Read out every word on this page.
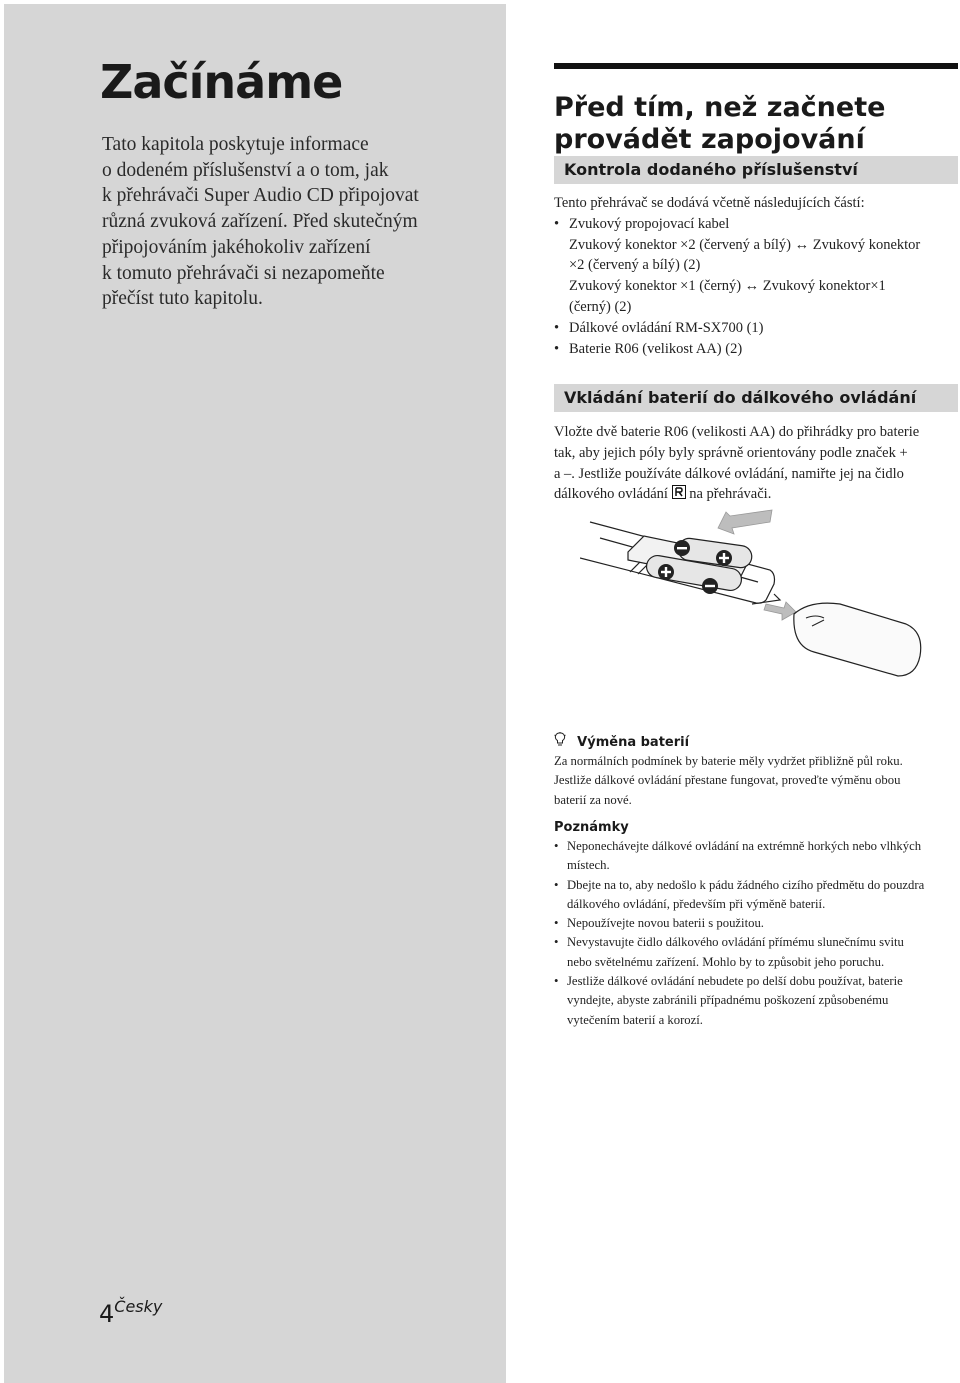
Začínáme
Tato kapitola poskytuje informace
o dodeném příslušenství a o tom, jak
k přehrávači Super Audio CD připojovat
různá zvuková zařízení. Před skutečným
připojováním jakéhokoliv zařízení
k tomuto přehrávači si nezapomeňte
přečíst tuto kapitolu.
4Česky
Před tím, než začnete
provádět zapojování
Kontrola dodaného příslušenství
Tento přehrávač se dodává včetně následujících částí:
• Zvukový propojovací kabel
Zvukový konektor ×2 (červený a bílý) ↔ Zvukový konektor
×2 (červený a bílý) (2)
Zvukový konektor ×1 (černý) ↔ Zvukový konektor×1
(černý) (2)
• Dálkové ovládání RM-SX700 (1)
• Baterie R06 (velikost AA) (2)
Vkládání baterií do dálkového ovládání
Vložte dvě baterie R06 (velikosti AA) do přihrádky pro baterie
tak, aby jejich póly byly správně orientovány podle značek +
a –. Jestliže používáte dálkové ovládání, namiřte jej na čidlo
dálkového ovládání  na přehrávači.
Výměna baterií
Za normálních podmínek by baterie měly vydržet přibližně půl roku.
Jestliže dálkové ovládání přestane fungovat, proveďte výměnu obou
baterií za nové.
Poznámky
• Neponechávejte dálkové ovládání na extrémně horkých nebo vlhkých
místech.
• Dbejte na to, aby nedošlo k pádu žádného cizího předmětu do pouzdra
dálkového ovládání, především při výměně baterií.
• Nepoužívejte novou baterii s použitou.
• Nevystavujte čidlo dálkového ovládání přímému slunečnímu svitu
nebo světelnému zařízení. Mohlo by to způsobit jeho poruchu.
• Jestliže dálkové ovládání nebudete po delší dobu používat, baterie
vyndejte, abyste zabránili případnému poškození způsobenému
vytečením baterií a korozí.
